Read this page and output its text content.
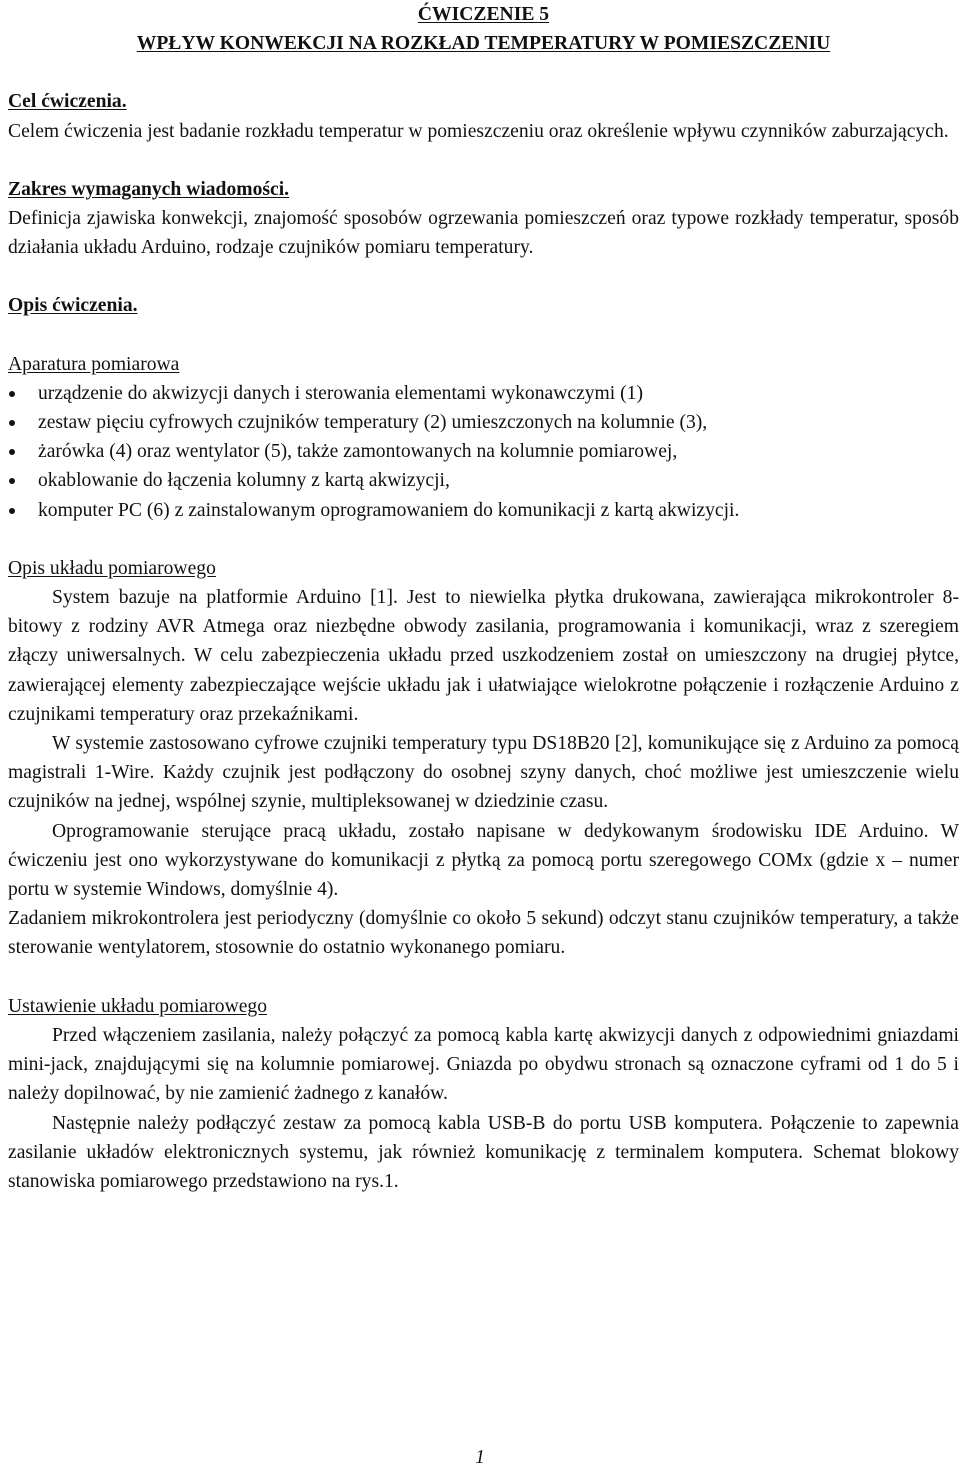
ĆWICZENIE 5

WPŁYW KONWEKCJI NA ROZKŁAD TEMPERATURY W POMIESZCZENIU

Cel ćwiczenia.

Celem ćwiczenia jest badanie rozkładu temperatur w pomieszczeniu oraz określenie wpływu czynników zaburzających.

Zakres wymaganych wiadomości.

Definicja zjawiska konwekcji, znajomość sposobów ogrzewania pomieszczeń oraz typowe rozkłady temperatur, sposób działania układu Arduino, rodzaje czujników pomiaru temperatury.

Opis ćwiczenia.

Aparatura pomiarowa

urządzenie do akwizycji danych i sterowania elementami wykonawczymi (1)
zestaw pięciu cyfrowych czujników temperatury (2) umieszczonych na kolumnie (3),
żarówka (4) oraz wentylator (5), także zamontowanych na kolumnie pomiarowej,
okablowanie do łączenia kolumny z kartą akwizycji,
komputer PC (6) z zainstalowanym oprogramowaniem do komunikacji z kartą akwizycji.

Opis układu pomiarowego

System bazuje na platformie Arduino [1]. Jest to niewielka płytka drukowana, zawierająca mikrokontroler 8-bitowy z rodziny AVR Atmega oraz niezbędne obwody zasilania, programowania i komunikacji, wraz z szeregiem złączy uniwersalnych. W celu zabezpieczenia układu przed uszkodzeniem został on umieszczony na drugiej płytce, zawierającej elementy zabezpieczające wejście układu jak i ułatwiające wielokrotne połączenie i rozłączenie Arduino z czujnikami temperatury oraz przekaźnikami.

W systemie zastosowano cyfrowe czujniki temperatury typu DS18B20 [2], komunikujące się z Arduino za pomocą magistrali 1-Wire. Każdy czujnik jest podłączony do osobnej szyny danych, choć możliwe jest umieszczenie wielu czujników na jednej, wspólnej szynie, multipleksowanej w dziedzinie czasu.

Oprogramowanie sterujące pracą układu, zostało napisane w dedykowanym środowisku IDE Arduino. W ćwiczeniu jest ono wykorzystywane do komunikacji z płytką za pomocą portu szeregowego COMx (gdzie x – numer portu w systemie Windows, domyślnie 4).

Zadaniem mikrokontrolera jest periodyczny (domyślnie co około 5 sekund) odczyt stanu czujników temperatury, a także sterowanie wentylatorem, stosownie do ostatnio wykonanego pomiaru.

Ustawienie układu pomiarowego

Przed włączeniem zasilania, należy połączyć za pomocą kabla kartę akwizycji danych z odpowiednimi gniazdami mini-jack, znajdującymi się na kolumnie pomiarowej. Gniazda po obydwu stronach są oznaczone cyframi od 1 do 5 i należy dopilnować, by nie zamienić żadnego z kanałów.

Następnie należy podłączyć zestaw za pomocą kabla USB-B do portu USB komputera. Połączenie to zapewnia zasilanie układów elektronicznych systemu, jak również komunikację z terminalem komputera. Schemat blokowy stanowiska pomiarowego przedstawiono na rys.1.

1
